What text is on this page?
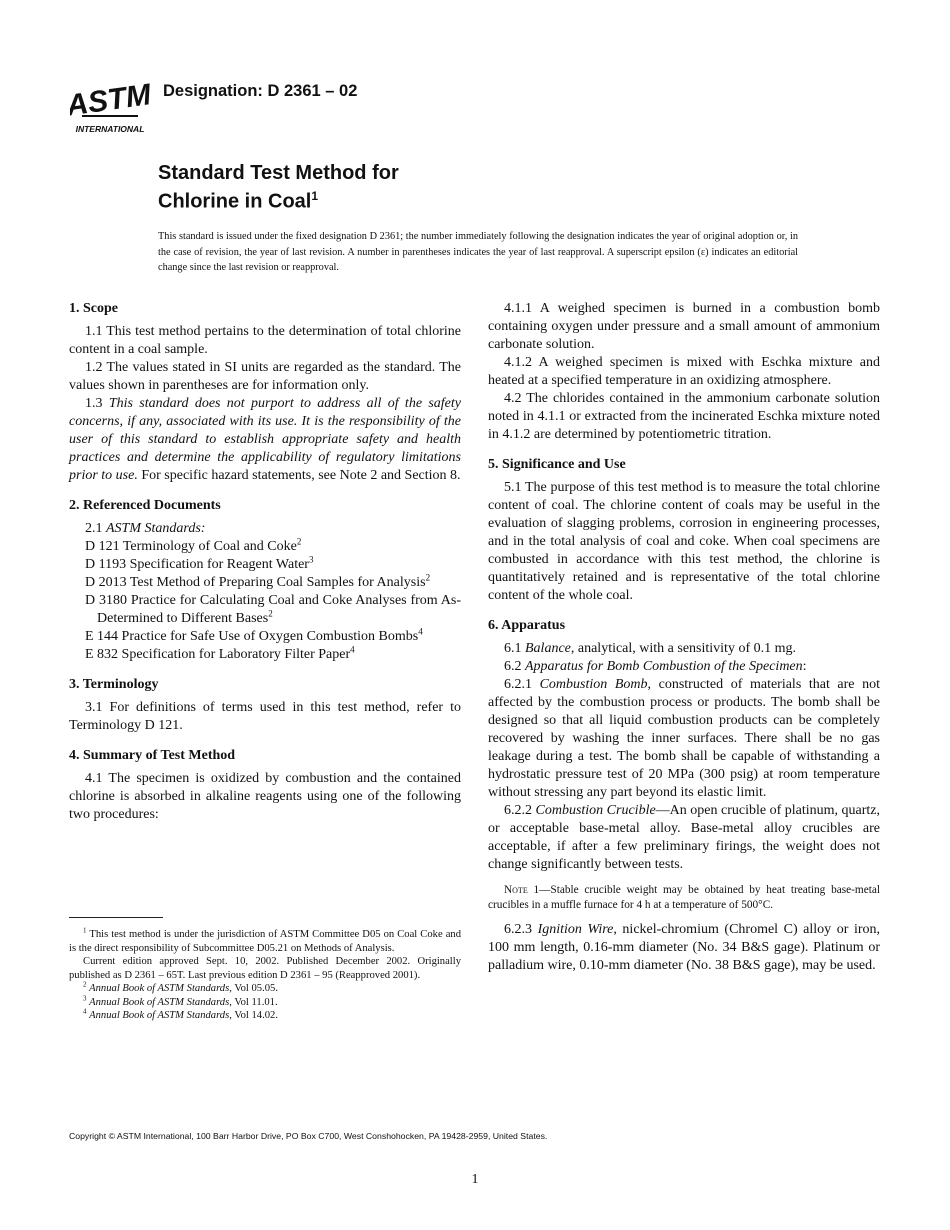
ASTM
INTERNATIONAL
Designation: D 2361 – 02
Standard Test Method for
Chlorine in Coal$^1$
This standard is issued under the fixed designation D 2361; the number immediately following the designation indicates the year of original adoption or, in the case of revision, the year of last revision. A number in parentheses indicates the year of last reapproval. A superscript epsilon (ε) indicates an editorial change since the last revision or reapproval.
1. Scope

1.1 This test method pertains to the determination of total chlorine content in a coal sample.

1.2 The values stated in SI units are regarded as the standard. The values shown in parentheses are for information only.

1.3 This standard does not purport to address all of the safety concerns, if any, associated with its use. It is the responsibility of the user of this standard to establish appropriate safety and health practices and determine the applicability of regulatory limitations prior to use. For specific hazard statements, see Note 2 and Section 8.

2. Referenced Documents
2.1 ASTM Standards:
D 121 Terminology of Coal and Coke$^2$
D 1193 Specification for Reagent Water$^3$
D 2013 Test Method of Preparing Coal Samples for Analysis$^2$
D 3180 Practice for Calculating Coal and Coke Analyses from As- Determined to Different Bases$^2$
E 144 Practice for Safe Use of Oxygen Combustion Bombs$^4$
E 832 Specification for Laboratory Filter Paper$^4$
3. Terminology

3.1 For definitions of terms used in this test method, refer to Terminology D 121.

4. Summary of Test Method

4.1 The specimen is oxidized by combustion and the contained chlorine is absorbed in alkaline reagents using one of the following two procedures:

4.1.1 A weighed specimen is burned in a combustion bomb containing oxygen under pressure and a small amount of ammonium carbonate solution.

4.1.2 A weighed specimen is mixed with Eschka mixture and heated at a specified temperature in an oxidizing atmosphere.

4.2 The chlorides contained in the ammonium carbonate solution noted in 4.1.1 or extracted from the incinerated Eschka mixture noted in 4.1.2 are determined by potentiometric titration.

5. Significance and Use

5.1 The purpose of this test method is to measure the total chlorine content of coal. The chlorine content of coals may be useful in the evaluation of slagging problems, corrosion in engineering processes, and in the total analysis of coal and coke. When coal specimens are combusted in accordance with this test method, the chlorine is quantitatively retained and is representative of the total chlorine content of the whole coal.

6. Apparatus

6.1 Balance, analytical, with a sensitivity of 0.1 mg.

6.2 Apparatus for Bomb Combustion of the Specimen:

6.2.1 Combustion Bomb, constructed of materials that are not affected by the combustion process or products. The bomb shall be designed so that all liquid combustion products can be completely recovered by washing the inner surfaces. There shall be no gas leakage during a test. The bomb shall be capable of withstanding a hydrostatic pressure test of 20 MPa (300 psig) at room temperature without stressing any part beyond its elastic limit.

6.2.2 Combustion Crucible—An open crucible of platinum, quartz, or acceptable base-metal alloy. Base-metal alloy crucibles are acceptable, if after a few preliminary firings, the weight does not change significantly between tests.

Note 1—Stable crucible weight may be obtained by heat treating base-metal crucibles in a muffle furnace for 4 h at a temperature of 500°C.

6.2.3 Ignition Wire, nickel-chromium (Chromel C) alloy or iron, 100 mm length, 0.16-mm diameter (No. 34 B&S gage). Platinum or palladium wire, 0.10-mm diameter (No. 38 B&S gage), may be used.

$^1$ This test method is under the jurisdiction of ASTM Committee D05 on Coal Coke and is the direct responsibility of Subcommittee D05.21 on Methods of Analysis.

Current edition approved Sept. 10, 2002. Published December 2002. Originally published as D 2361 – 65T. Last previous edition D 2361 – 95 (Reapproved 2001).

$^2$ Annual Book of ASTM Standards, Vol 05.05.

$^3$ Annual Book of ASTM Standards, Vol 11.01.

$^4$ Annual Book of ASTM Standards, Vol 14.02.

Copyright © ASTM International, 100 Barr Harbor Drive, PO Box C700, West Conshohocken, PA 19428-2959, United States.
1
